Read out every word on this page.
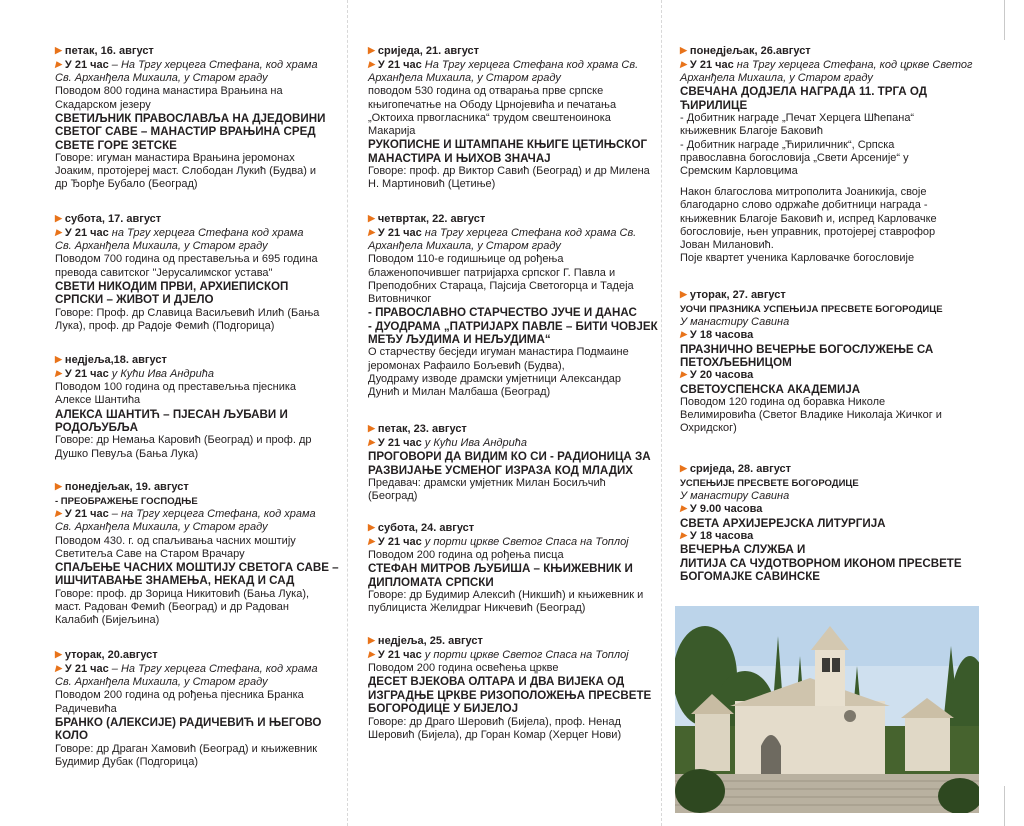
▶ петак, 16. август
▶ У 21 час – На Тргу херцега Стефана, код храма
Св. Арханђела Михаила, у Старом граду
Поводом 800 година манастира Врањина на
Скадарском језеру
СВЕТИЉНИК ПРАВОСЛАВЉА НА ДЈЕДОВИНИ
СВЕТОГ САВЕ – МАНАСТИР ВРАЊИНА СРЕД
СВЕТЕ ГОРЕ ЗЕТСКЕ
Говоре: игуман манастира Врањина јеромонах
Јоаким, протојереј маст. Слободан Лукић (Будва) и
др Ђорђе Бубало (Београд)
▶ субота, 17. август
▶ У 21 час на Тргу херцега Стефана код храма
Св. Арханђела Михаила, у Старом граду
Поводом 700 година од преставељња и 695 година
превода савитског "Јерусалимског устава"
СВЕТИ НИКОДИМ ПРВИ, АРХИЕПИСКОП
СРПСКИ – ЖИВОТ И ДЈЕЛО
Говоре: Проф. др Славица Васиљевић Илић (Бања
Лука), проф. др Радоје Фемић (Подгорица)
▶ недјеља,18. август
▶ У 21 час у Кући Ива Андрића
Поводом 100 година од преставељња пјесника
Алексе Шантића
АЛЕКСА ШАНТИЋ – ПЈЕСАН ЉУБАВИ И
РОДОЉУБЉА
Говоре: др Немања Каровић (Београд) и проф. др
Душко Певуља (Бања Лука)
▶ понедјељак, 19. август
- ПРЕОБРАЖЕЊЕ ГОСПОДЊЕ
▶ У 21 час – на Тргу херцега Стефана, код храма
Св. Арханђела Михаила, у Старом граду
Поводом 430. г. од спаљивања часних моштију
Светитеља Саве на Старом Врачару
СПАЉЕЊЕ ЧАСНИХ МОШТИЈУ СВЕТОГА САВЕ –
ИШЧИТАВАЊЕ ЗНАМЕЊА, НЕКАД И САД
Говоре: проф. др Зорица Никитовић (Бања Лука),
маст. Радован Фемић (Београд) и др Радован
Калабић (Бијељина)
▶ уторак, 20.август
▶ У 21 час – На Тргу херцега Стефана, код храма
Св. Арханђела Михаила, у Старом граду
Поводом 200 година од рођења пјесника Бранка
Радичевића
БРАНКО (АЛЕКСИЈЕ) РАДИЧЕВИЋ И ЊЕГОВО
КОЛО
Говоре: др Драган Хамовић (Београд) и књижевник
Будимир Дубак (Подгорица)
▶ сриједа, 21. август
▶ У 21 час На Тргу херцега Стефана код храма Св.
Арханђела Михаила, у Старом граду
поводом 530 година од отварања прве српске
књигопечатње на Ободу Црнојевића и печатања
„Октоиха првогласника“ трудом свештеноинока
Макарија
РУКОПИСНЕ И ШТАМПАНЕ КЊИГЕ ЦЕТИЊСКОГ
МАНАСТИРА И ЊИХОВ ЗНАЧАЈ
Говоре: проф. др Виктор Савић (Београд) и др Милена
Н. Мартиновић (Цетиње)
▶ четвртак, 22. август
▶ У 21 час на Тргу херцега Стефана код храма Св.
Арханђела Михаила, у Старом граду
Поводом 110-е годишњице од рођења
блаженопочившег патријарха српског Г. Павла и
Преподобних Стараца, Пајсија Светогорца и Тадеја
Витовничког
- ПРАВОСЛАВНО СТАРЧЕСТВО ЈУЧЕ И ДАНАС
- ДУОДРАМА „ПАТРИЈАРХ ПАВЛЕ – БИТИ ЧОВЈЕК
МЕЂУ ЉУДИМА И НЕЉУДИМА“
О старчеству бесједи игуман манастира Подмаине
јеромонах Рафаило Бољевић (Будва),
Дуодраму изводе драмски умјетници Александар
Дунић и Милан Малбаша (Београд)
▶ петак, 23. август
▶ У 21 час у Кући Ива Андрића
ПРОГОВОРИ ДА ВИДИМ КО СИ - РАДИОНИЦА ЗА
РАЗВИЈАЊЕ УСМЕНОГ ИЗРАЗА КОД МЛАДИХ
Предавач: драмски умјетник Милан Босиљчић
(Београд)
▶ субота, 24. август
▶ У 21 час у порти цркве Светог Спаса на Топлој
Поводом 200 година од рођења писца
СТЕФАН МИТРОВ ЉУБИША – КЊИЖЕВНИК И
ДИПЛОМАТА СРПСКИ
Говоре: др Будимир Алексић (Никшић) и књижевник и
публициста Желидраг Никчевић (Београд)
▶ недјеља, 25. август
▶ У 21 час у порти цркве Светог Спаса на Топлој
Поводом 200 година освећења цркве
ДЕСЕТ ВЈЕКОВА ОЛТАРА И ДВА ВИЈЕКА ОД
ИЗГРАДЊЕ ЦРКВЕ РИЗОПОЛОЖЕЊА ПРЕСВЕТЕ
БОГОРОДИЦЕ У БИЈЕЛОЈ
Говоре: др Драго Шеровић (Бијела), проф. Ненад
Шеровић (Бијела), др Горан Комар (Херцег Нови)
▶ понедјељак, 26.август
▶ У 21 час на Тргу херцега Стефана, код цркве Светог
Арханђела Михаила, у Старом граду
СВЕЧАНА ДОДЈЕЛА НАГРАДА 11. ТРГА ОД
ЋИРИЛИЦЕ
- Добитник награде „Печат Херцега Шћепана“
књижевник Благоје Баковић
- Добитник награде „Ћириличник“, Српска
православна богословија „Свети Арсеније“ у
Сремским Карловцима
Након благослова митрополита Јоаникија, своје
благодарно слово одржаће добитници награда -
књижевник Благоје Баковић и, испред Карловачке
богословије, њен управник, протојереј ставрофор
Јован Милановић.
Поје квартет ученика Карловачке богословије
▶ уторак, 27. август
УОЧИ ПРАЗНИКА УСПЕЊИЈА ПРЕСВЕТЕ БОГОРОДИЦЕ
У манастиру Савина
▶ У 18 часова
ПРАЗНИЧНО ВЕЧЕРЊЕ БОГОСЛУЖЕЊЕ СА
ПЕТОХЉЕБНИЦОМ
▶ У 20 часова
СВЕТОУСПЕНСКА АКАДЕМИЈА
Поводом 120 година од боравка Николе
Велимировића (Светог Владике Николаја Жичког и
Охридског)
▶ сриједа, 28. август
УСПЕЊИЈЕ ПРЕСВЕТЕ БОГОРОДИЦЕ
У манастиру Савина
▶ У 9.00 часова
СВЕТА АРХИЈЕРЕЈСКА ЛИТУРГИЈА
▶ У 18 часова
ВЕЧЕРЊА СЛУЖБА И
ЛИТИЈА СА ЧУДОТВОРНОМ ИКОНОМ ПРЕСВЕТЕ
БОГОМАЈКЕ САВИНСКЕ
